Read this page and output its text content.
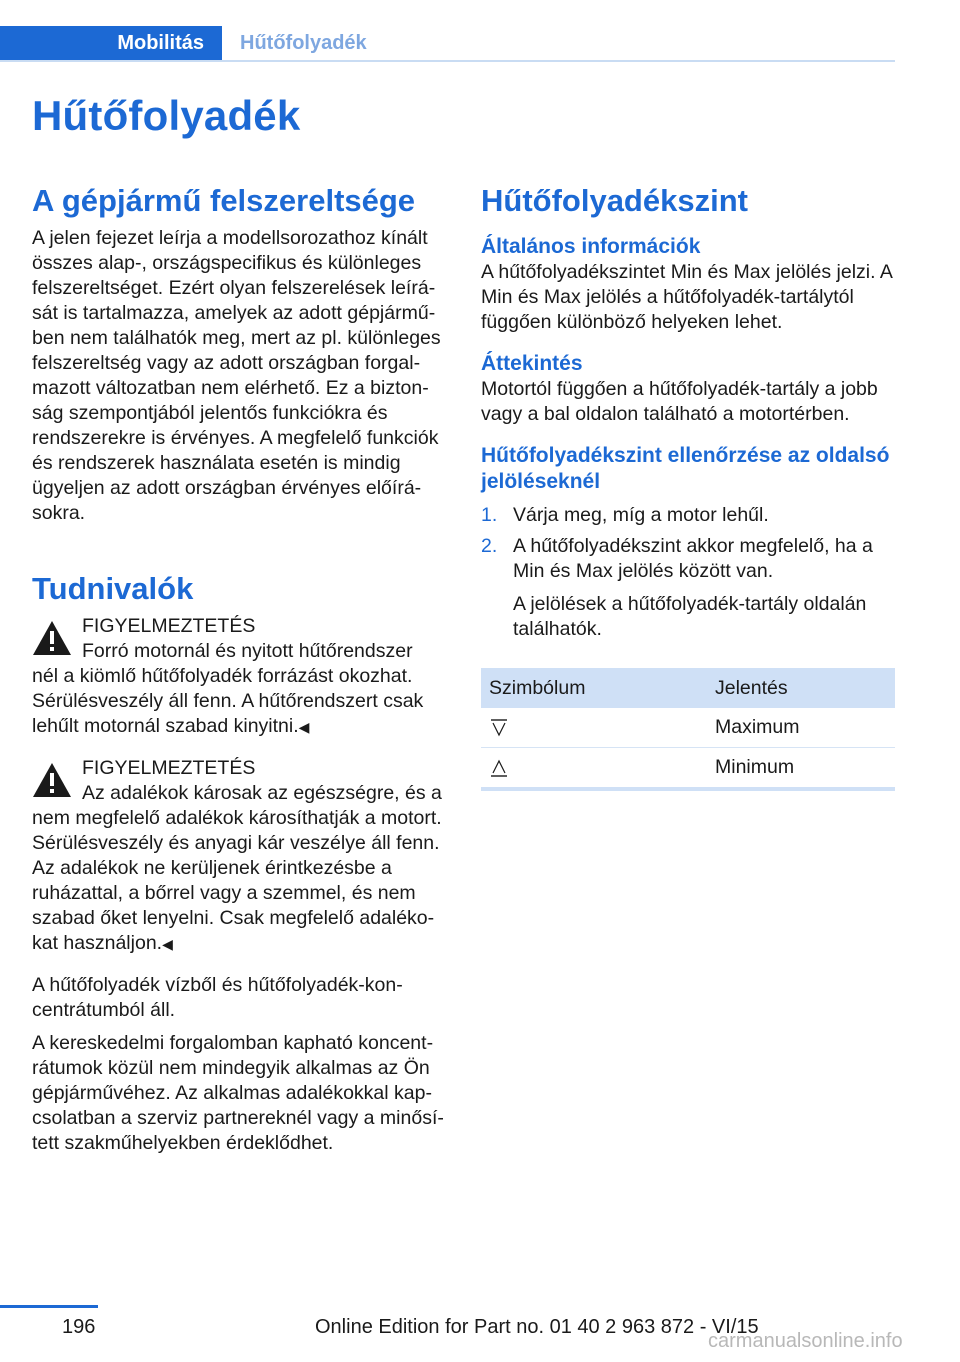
Mobilitás Hűtőfolyadék
Hűtőfolyadék
A gépjármű felszereltsége

A jelen fejezet leírja a modellsorozathoz kínált összes alap-, országspecifikus és különleges felszereltséget. Ezért olyan felszerelések leírását is tartalmazza, amelyek az adott gépjárműben nem találhatók meg, mert az pl. különleges felszereltség vagy az adott országban forgalmazott változatban nem elérhető. Ez a biztonság szempontjából jelentős funkciókra és rendszerekre is érvényes. A megfelelő funkciók és rendszerek használata esetén is mindig ügyeljen az adott országban érvényes előírásokra.

Tudnivalók
FIGYELMEZTETÉS
Forró motornál és nyitott hűtőrendszer

nél a kiömlő hűtőfolyadék forrázást okozhat. Sérülésveszély áll fenn. A hűtőrendszert csak lehűlt motornál szabad kinyitni.◀

FIGYELMEZTETÉS
Az adalékok károsak az egészségre, és a

nem megfelelő adalékok károsíthatják a motort. Sérülésveszély és anyagi kár veszélye áll fenn. Az adalékok ne kerüljenek érintkezésbe a ruházattal, a bőrrel vagy a szemmel, és nem szabad őket lenyelni. Csak megfelelő adalékokat használjon.◀

A hűtőfolyadék vízből és hűtőfolyadék-koncentrátumból áll.

A kereskedelmi forgalomban kapható koncentrátumok közül nem mindegyik alkalmas az Ön gépjárművéhez. Az alkalmas adalékokkal kapcsolatban a szerviz partnereknél vagy a minősített szakműhelyekben érdeklődhet.

Hűtőfolyadékszint
Általános információk

A hűtőfolyadékszintet Min és Max jelölés jelzi. A Min és Max jelölés a hűtőfolyadék-tartálytól függően különböző helyeken lehet.

Áttekintés

Motortól függően a hűtőfolyadék-tartály a jobb vagy a bal oldalon található a motortérben.

Hűtőfolyadékszint ellenőrzése az oldalsó jelöléseknél
1. Várja meg, míg a motor lehűl.
2. A hűtőfolyadékszint akkor megfelelő, ha a Min és Max jelölés között van.
A jelölések a hűtőfolyadék-tartály oldalán találhatók.
Szimbólum	Jelentés

	Maximum

	Minimum
196	Online Edition for Part no. 01 40 2 963 872 - VI/15
carmanualsonline.info
